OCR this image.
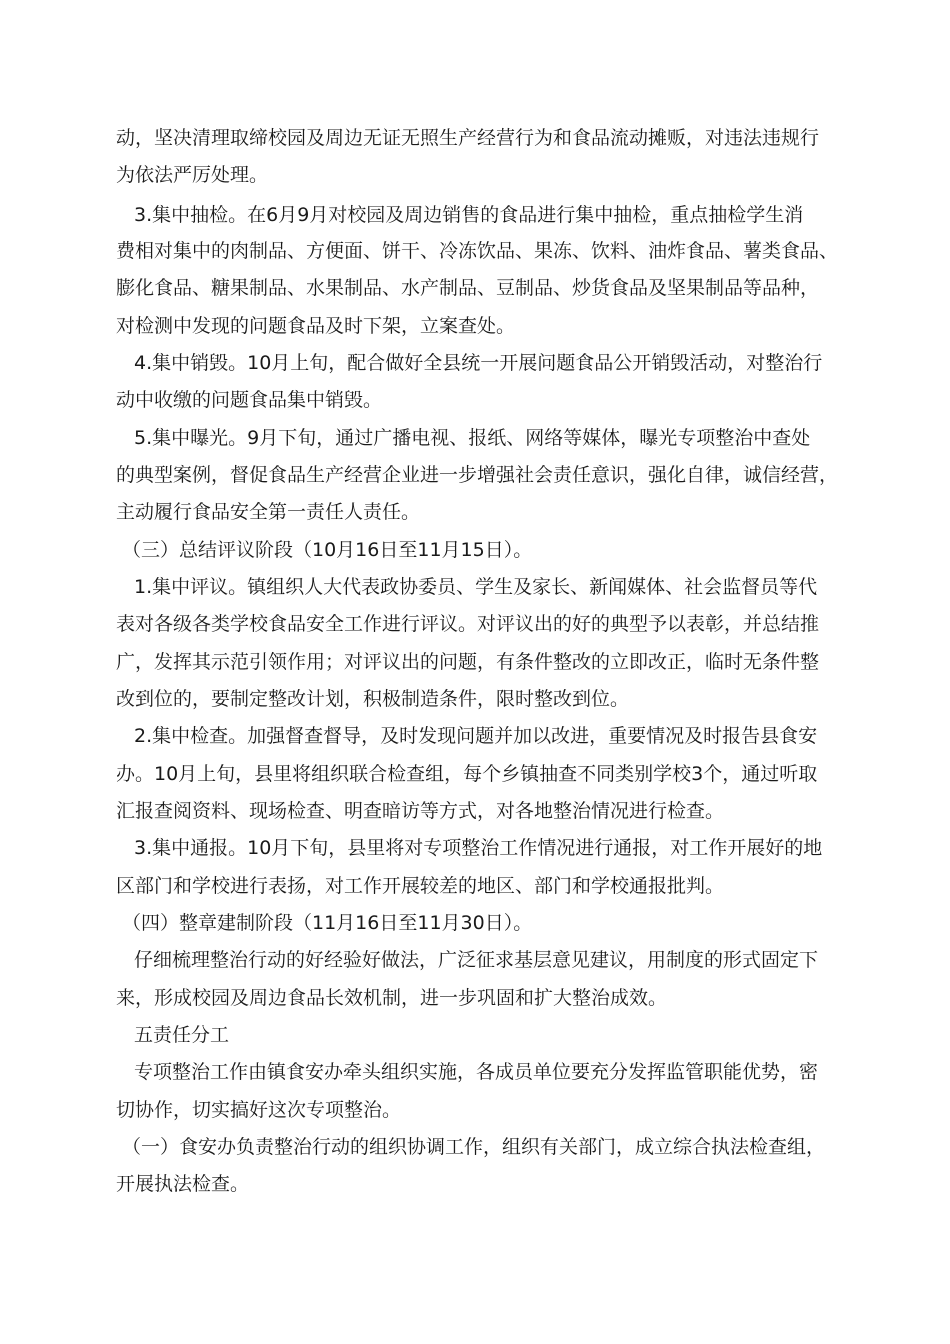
动，坚决清理取缔校园及周边无证无照生产经营行为和食品流动摊贩，对违法违规行

为依法严厉处理。

3.集中抽检。在6月9月对校园及周边销售的食品进行集中抽检，重点抽检学生消

费相对集中的肉制品、方便面、饼干、冷冻饮品、果冻、饮料、油炸食品、薯类食品、

膨化食品、糖果制品、水果制品、水产制品、豆制品、炒货食品及坚果制品等品种，

对检测中发现的问题食品及时下架，立案查处。

4.集中销毁。10月上旬，配合做好全县统一开展问题食品公开销毁活动，对整治行

动中收缴的问题食品集中销毁。

5.集中曝光。9月下旬，通过广播电视、报纸、网络等媒体，曝光专项整治中查处

的典型案例，督促食品生产经营企业进一步增强社会责任意识，强化自律，诚信经营，

主动履行食品安全第一责任人责任。

（三）总结评议阶段（10月16日至11月15日）。

1.集中评议。镇组织人大代表政协委员、学生及家长、新闻媒体、社会监督员等代

表对各级各类学校食品安全工作进行评议。对评议出的好的典型予以表彰，并总结推

广，发挥其示范引领作用；对评议出的问题，有条件整改的立即改正，临时无条件整

改到位的，要制定整改计划，积极制造条件，限时整改到位。

2.集中检查。加强督查督导，及时发现问题并加以改进，重要情况及时报告县食安

办。10月上旬，县里将组织联合检查组，每个乡镇抽查不同类别学校3个，通过听取

汇报查阅资料、现场检查、明查暗访等方式，对各地整治情况进行检查。

3.集中通报。10月下旬，县里将对专项整治工作情况进行通报，对工作开展好的地

区部门和学校进行表扬，对工作开展较差的地区、部门和学校通报批判。

（四）整章建制阶段（11月16日至11月30日）。

仔细梳理整治行动的好经验好做法，广泛征求基层意见建议，用制度的形式固定下

来，形成校园及周边食品长效机制，进一步巩固和扩大整治成效。

五责任分工

专项整治工作由镇食安办牵头组织实施，各成员单位要充分发挥监管职能优势，密

切协作，切实搞好这次专项整治。

（一）食安办负责整治行动的组织协调工作，组织有关部门，成立综合执法检查组，

开展执法检查。
